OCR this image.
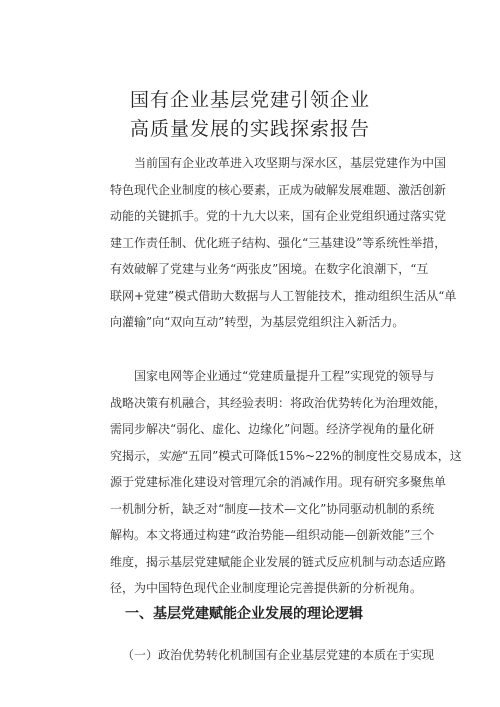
国有企业基层党建引领企业
高质量发展的实践探索报告
当前国有企业改革进入攻坚期与深水区，基层党建作为中国
特色现代企业制度的核心要素，正成为破解发展难题、激活创新
动能的关键抓手。党的十九大以来，国有企业党组织通过落实党
建工作责任制、优化班子结构、强化“三基建设”等系统性举措，
有效破解了党建与业务“两张皮”困境。在数字化浪潮下，“互
联网+党建”模式借助大数据与人工智能技术，推动组织生活从“单
向灌输”向“双向互动”转型，为基层党组织注入新活力。
国家电网等企业通过“党建质量提升工程”实现党的领导与
战略决策有机融合，其经验表明：将政治优势转化为治理效能，
需同步解决“弱化、虚化、边缘化”问题。经济学视角的量化研
究揭示，实施“五同”模式可降低15%~22%的制度性交易成本，这
源于党建标准化建设对管理冗余的消减作用。现有研究多聚焦单
一机制分析，缺乏对“制度—技术—文化”协同驱动机制的系统
解构。本文将通过构建“政治势能—组织动能—创新效能”三个
维度，揭示基层党建赋能企业发展的链式反应机制与动态适应路
径，为中国特色现代企业制度理论完善提供新的分析视角。
一、基层党建赋能企业发展的理论逻辑
（一）政治优势转化机制国有企业基层党建的本质在于实现
